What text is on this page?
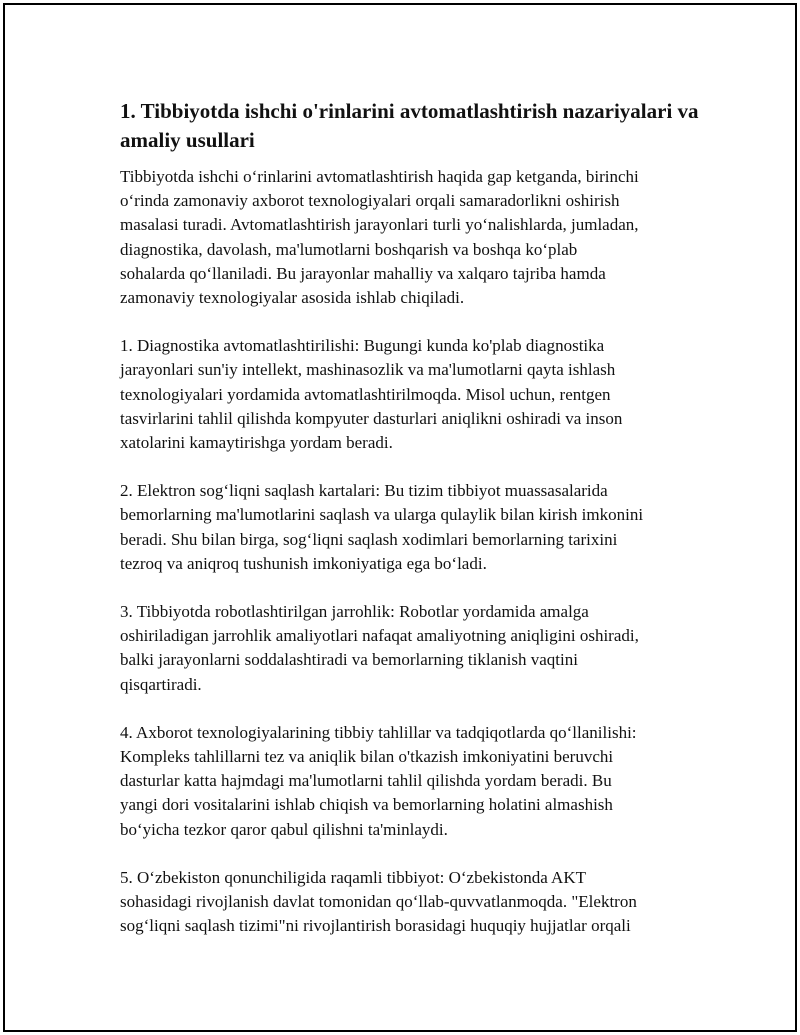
1. Tibbiyotda ishchi o'rinlarini avtomatlashtirish nazariyalari va amaliy usullari

Tibbiyotda ishchi o‘rinlarini avtomatlashtirish haqida gap ketganda, birinchi
o‘rinda zamonaviy axborot texnologiyalari orqali samaradorlikni oshirish
masalasi turadi. Avtomatlashtirish jarayonlari turli yo‘nalishlarda, jumladan,
diagnostika, davolash, ma'lumotlarni boshqarish va boshqa ko‘plab
sohalarda qo‘llaniladi. Bu jarayonlar mahalliy va xalqaro tajriba hamda
zamonaviy texnologiyalar asosida ishlab chiqiladi.

1. Diagnostika avtomatlashtirilishi: Bugungi kunda ko'plab diagnostika
jarayonlari sun'iy intellekt, mashinasozlik va ma'lumotlarni qayta ishlash
texnologiyalari yordamida avtomatlashtirilmoqda. Misol uchun, rentgen
tasvirlarini tahlil qilishda kompyuter dasturlari aniqlikni oshiradi va inson
xatolarini kamaytirishga yordam beradi.

2. Elektron sog‘liqni saqlash kartalari: Bu tizim tibbiyot muassasalarida
bemorlarning ma'lumotlarini saqlash va ularga qulaylik bilan kirish imkonini
beradi. Shu bilan birga, sog‘liqni saqlash xodimlari bemorlarning tarixini
tezroq va aniqroq tushunish imkoniyatiga ega bo‘ladi.

3. Tibbiyotda robotlashtirilgan jarrohlik: Robotlar yordamida amalga
oshiriladigan jarrohlik amaliyotlari nafaqat amaliyotning aniqligini oshiradi,
balki jarayonlarni soddalashtiradi va bemorlarning tiklanish vaqtini
qisqartiradi.

4. Axborot texnologiyalarining tibbiy tahlillar va tadqiqotlarda qo‘llanilishi:
Kompleks tahlillarni tez va aniqlik bilan o'tkazish imkoniyatini beruvchi
dasturlar katta hajmdagi ma'lumotlarni tahlil qilishda yordam beradi. Bu
yangi dori vositalarini ishlab chiqish va bemorlarning holatini almashish
bo‘yicha tezkor qaror qabul qilishni ta'minlaydi.

5. O‘zbekiston qonunchiligida raqamli tibbiyot: O‘zbekistonda AKT
sohasidagi rivojlanish davlat tomonidan qo‘llab-quvvatlanmoqda. "Elektron
sog‘liqni saqlash tizimi"ni rivojlantirish borasidagi huquqiy hujjatlar orqali
